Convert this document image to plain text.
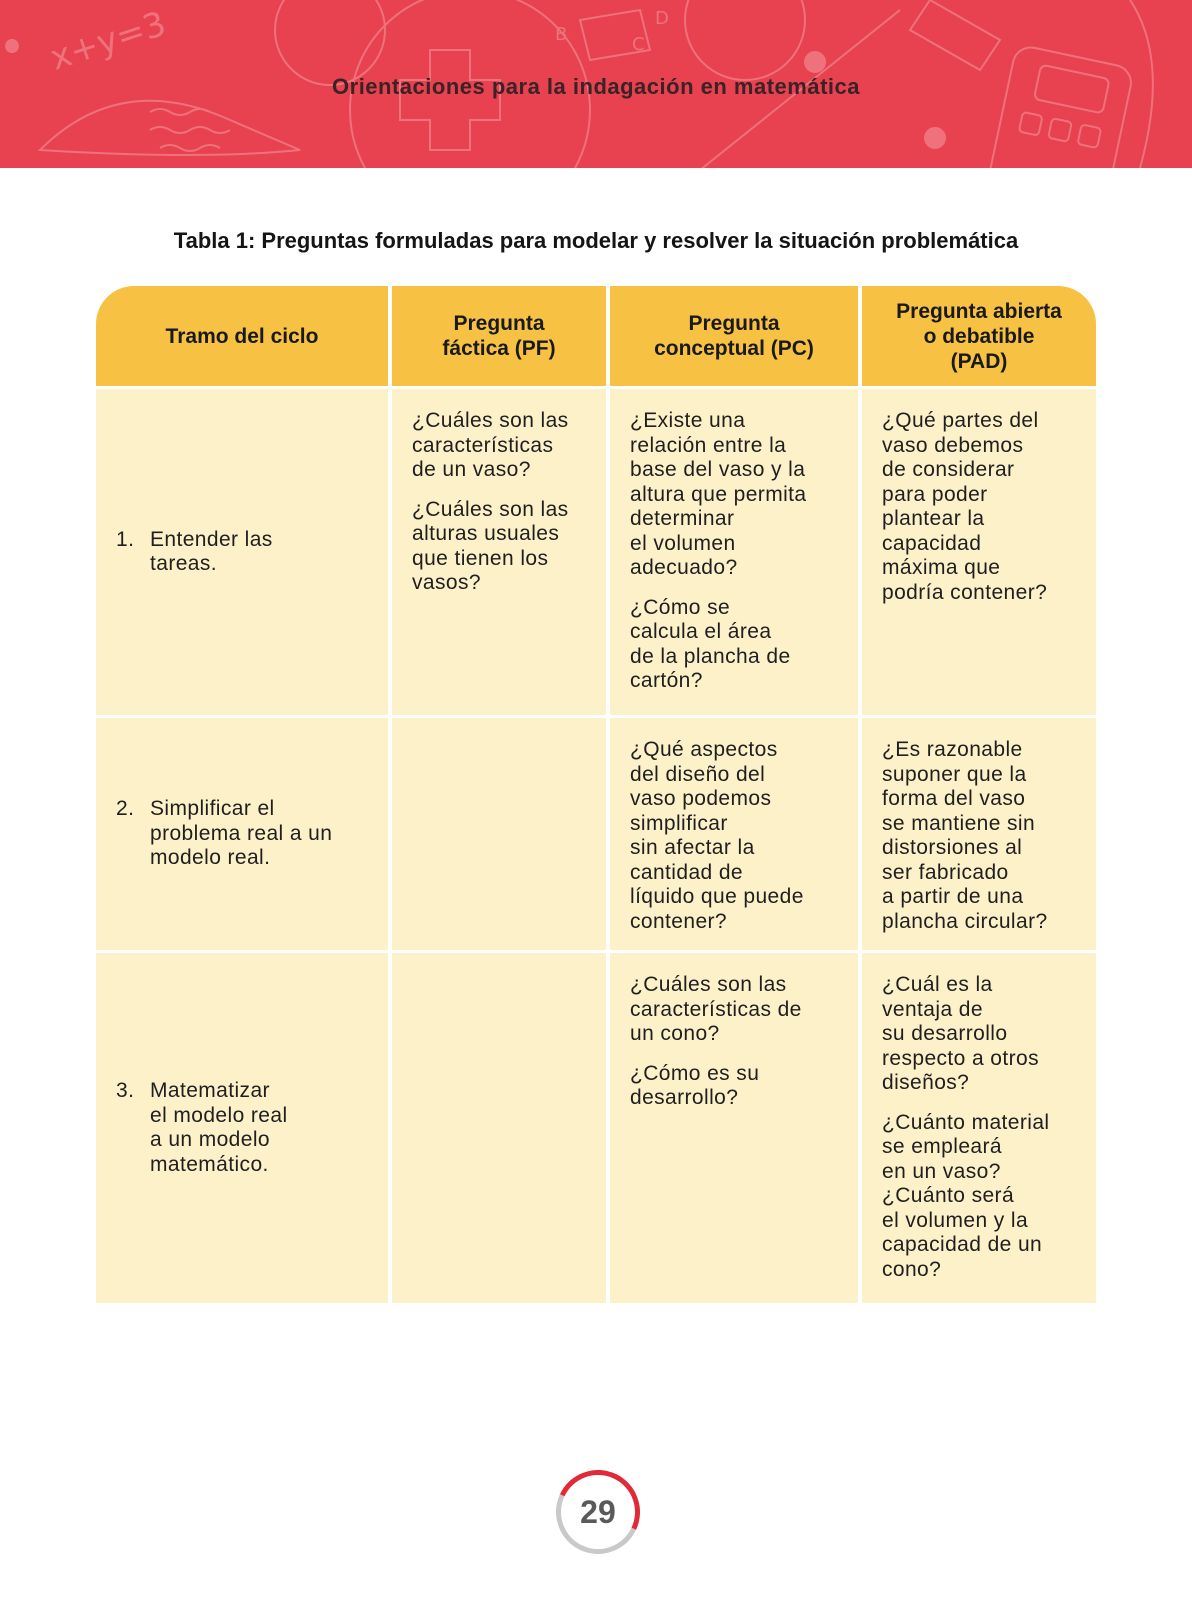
x+y=3	B
D
C
Orientaciones para la indagación en matemática
Tabla 1: Preguntas formuladas para modelar y resolver la situación problemática
Tramo del ciclo
Pregunta
fáctica (PF)
Pregunta
conceptual (PC)
Pregunta abierta
o debatible
(PAD)
1. Entender las
tareas.

¿Cuáles son las
características
de un vaso?

¿Cuáles son las
alturas usuales
que tienen los
vasos?

¿Existe una
relación entre la
base del vaso y la
altura que permita
determinar
el volumen
adecuado?

¿Cómo se
calcula el área
de la plancha de
cartón?

¿Qué partes del
vaso debemos
de considerar
para poder
plantear la
capacidad
máxima que
podría contener?

2. Simplificar el
problema real a un
modelo real.

¿Qué aspectos
del diseño del
vaso podemos
simplificar
sin afectar la
cantidad de
líquido que puede
contener?

¿Es razonable
suponer que la
forma del vaso
se mantiene sin
distorsiones al
ser fabricado
a partir de una
plancha circular?

3. Matematizar
el modelo real
a un modelo
matemático.

¿Cuáles son las
características de
un cono?

¿Cómo es su
desarrollo?

¿Cuál es la
ventaja de
su desarrollo
respecto a otros
diseños?

¿Cuánto material
se empleará
en un vaso?
¿Cuánto será
el volumen y la
capacidad de un
cono?

29
